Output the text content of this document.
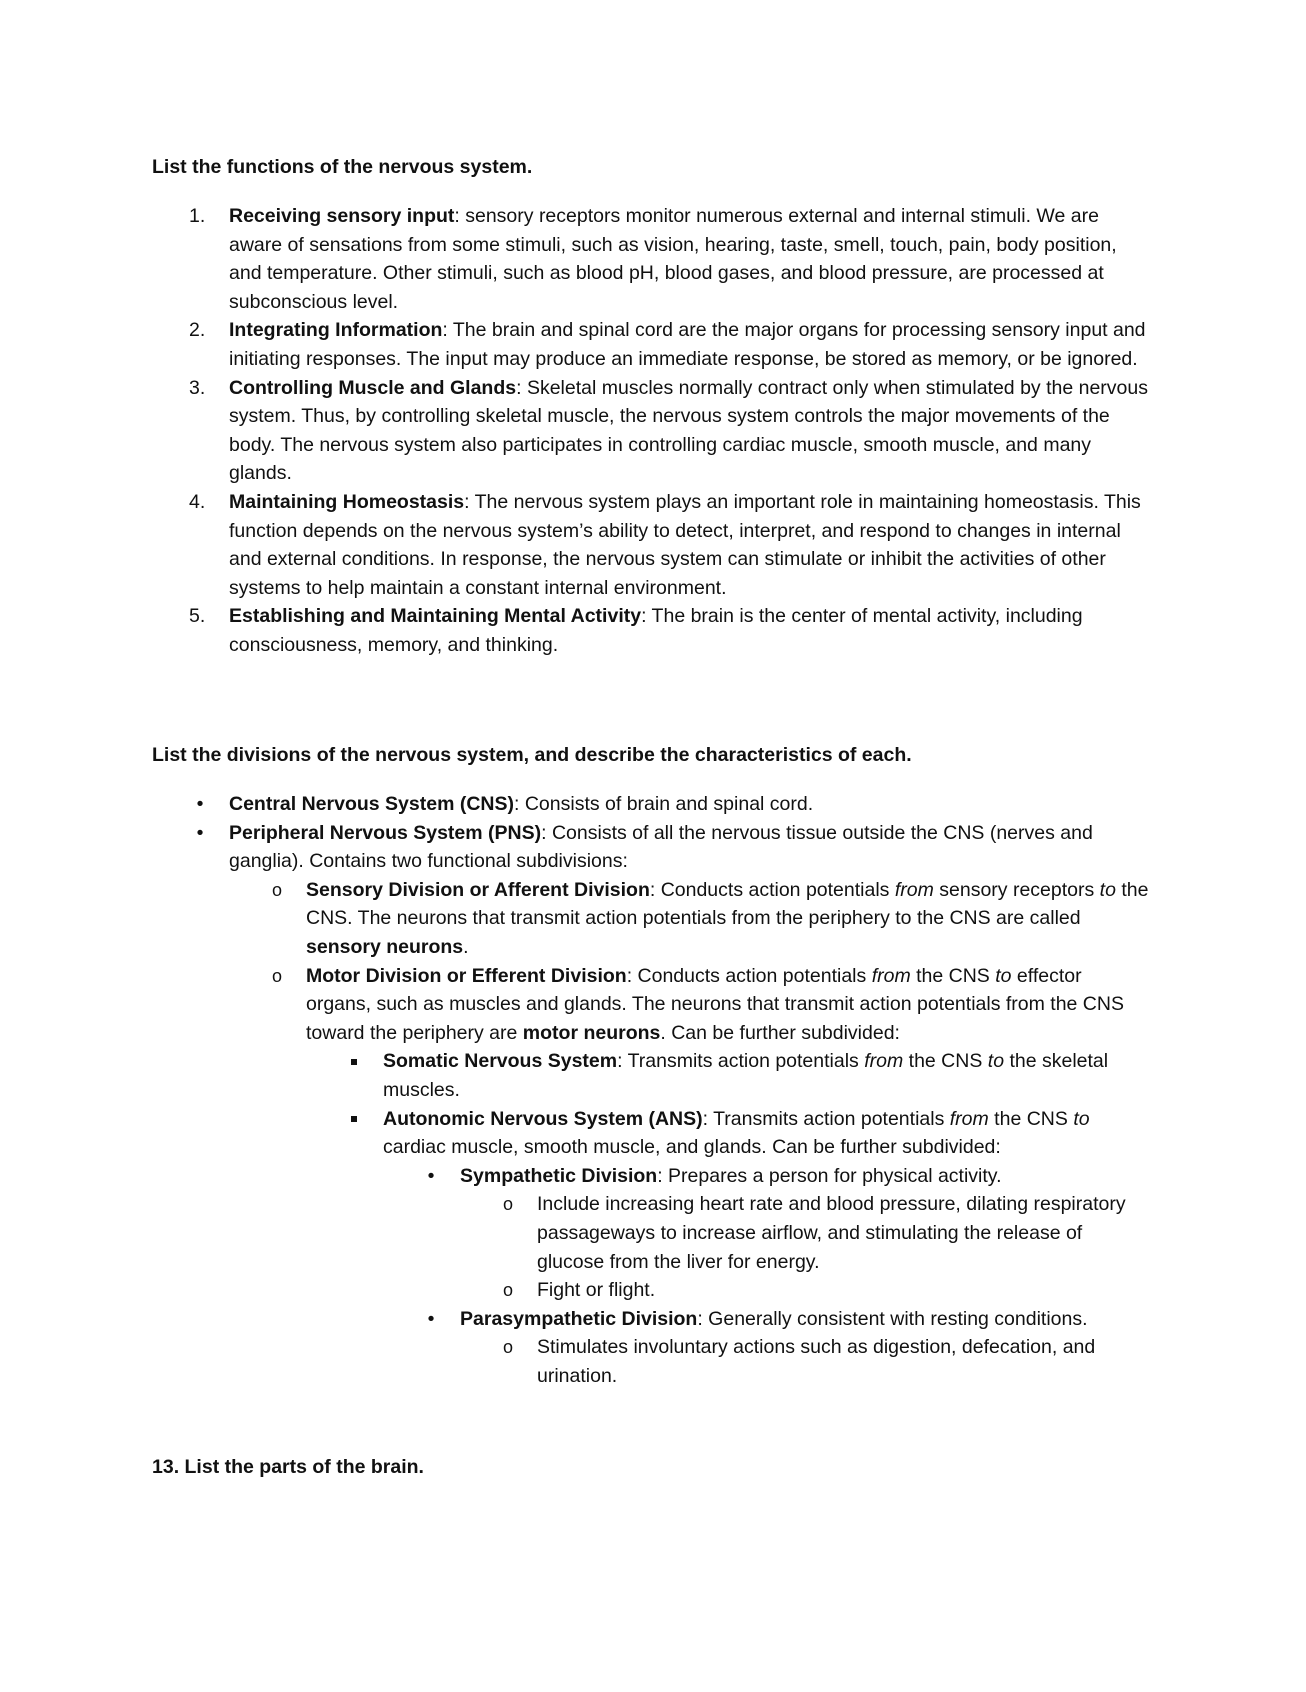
List the functions of the nervous system.

1. Receiving sensory input: sensory receptors monitor numerous external and internal stimuli. We are aware of sensations from some stimuli, such as vision, hearing, taste, smell, touch, pain, body position, and temperature. Other stimuli, such as blood pH, blood gases, and blood pressure, are processed at subconscious level.
2. Integrating Information: The brain and spinal cord are the major organs for processing sensory input and initiating responses. The input may produce an immediate response, be stored as memory, or be ignored.
3. Controlling Muscle and Glands: Skeletal muscles normally contract only when stimulated by the nervous system. Thus, by controlling skeletal muscle, the nervous system controls the major movements of the body. The nervous system also participates in controlling cardiac muscle, smooth muscle, and many glands.
4. Maintaining Homeostasis: The nervous system plays an important role in maintaining homeostasis. This function depends on the nervous system’s ability to detect, interpret, and respond to changes in internal and external conditions. In response, the nervous system can stimulate or inhibit the activities of other systems to help maintain a constant internal environment.
5. Establishing and Maintaining Mental Activity: The brain is the center of mental activity, including consciousness, memory, and thinking.

List the divisions of the nervous system, and describe the characteristics of each.

•	Central Nervous System (CNS): Consists of brain and spinal cord.
•	Peripheral Nervous System (PNS): Consists of all the nervous tissue outside the CNS (nerves and ganglia). Contains two functional subdivisions:
o	Sensory Division or Afferent Division: Conducts action potentials from sensory receptors to the CNS. The neurons that transmit action potentials from the periphery to the CNS are called sensory neurons.
o	Motor Division or Efferent Division: Conducts action potentials from the CNS to effector organs, such as muscles and glands. The neurons that transmit action potentials from the CNS toward the periphery are motor neurons. Can be further subdivided:
Somatic Nervous System: Transmits action potentials from the CNS to the skeletal muscles.
Autonomic Nervous System (ANS): Transmits action potentials from the CNS to cardiac muscle, smooth muscle, and glands. Can be further subdivided:
•	Sympathetic Division: Prepares a person for physical activity.
o	Include increasing heart rate and blood pressure, dilating respiratory passageways to increase airflow, and stimulating the release of glucose from the liver for energy.
o	Fight or flight.
•	Parasympathetic Division: Generally consistent with resting conditions.
o	Stimulates involuntary actions such as digestion, defecation, and urination.

13. List the parts of the brain.
